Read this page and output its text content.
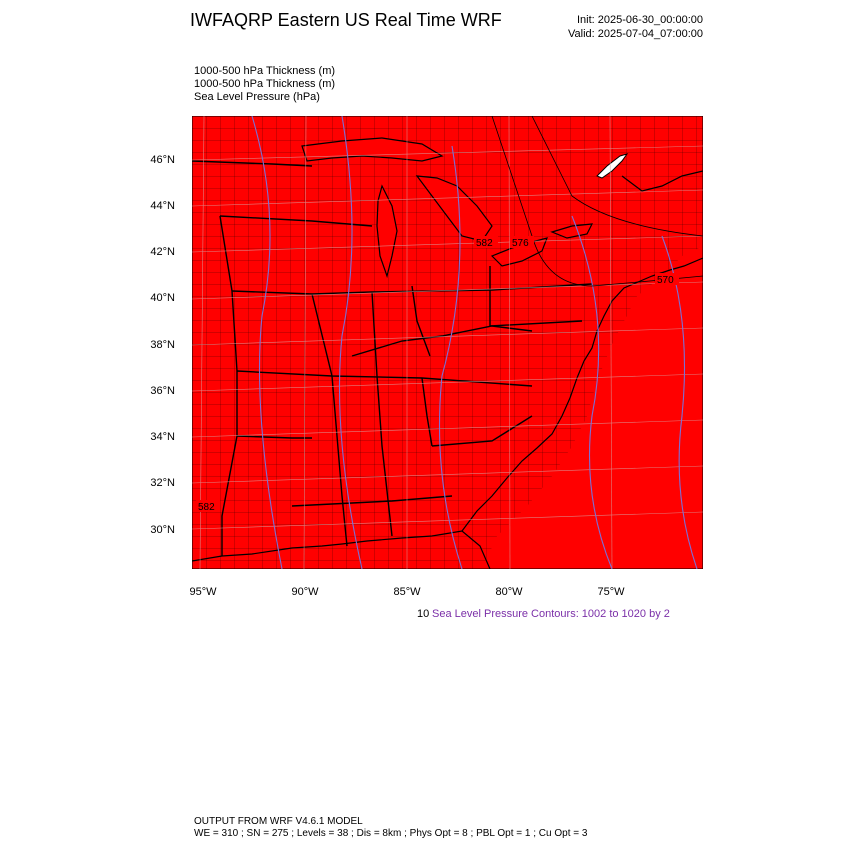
IWFAQRP Eastern US Real Time WRF	Init: 2025-06-30_00:00:00
Valid: 2025-07-04_07:00:00
1000-500 hPa Thickness (m)
1000-500 hPa Thickness (m)
Sea Level Pressure (hPa)
582 576
570
582
46°N
44°N
42°N
40°N
38°N
36°N
34°N
32°N
30°N
95°W	90°W	85°W	80°W	75°W
10 Sea Level Pressure Contours: 1002 to 1020 by 2
OUTPUT FROM WRF V4.6.1 MODEL
WE = 310 ; SN = 275 ; Levels = 38 ; Dis = 8km ; Phys Opt = 8 ; PBL Opt = 1 ; Cu Opt = 3
